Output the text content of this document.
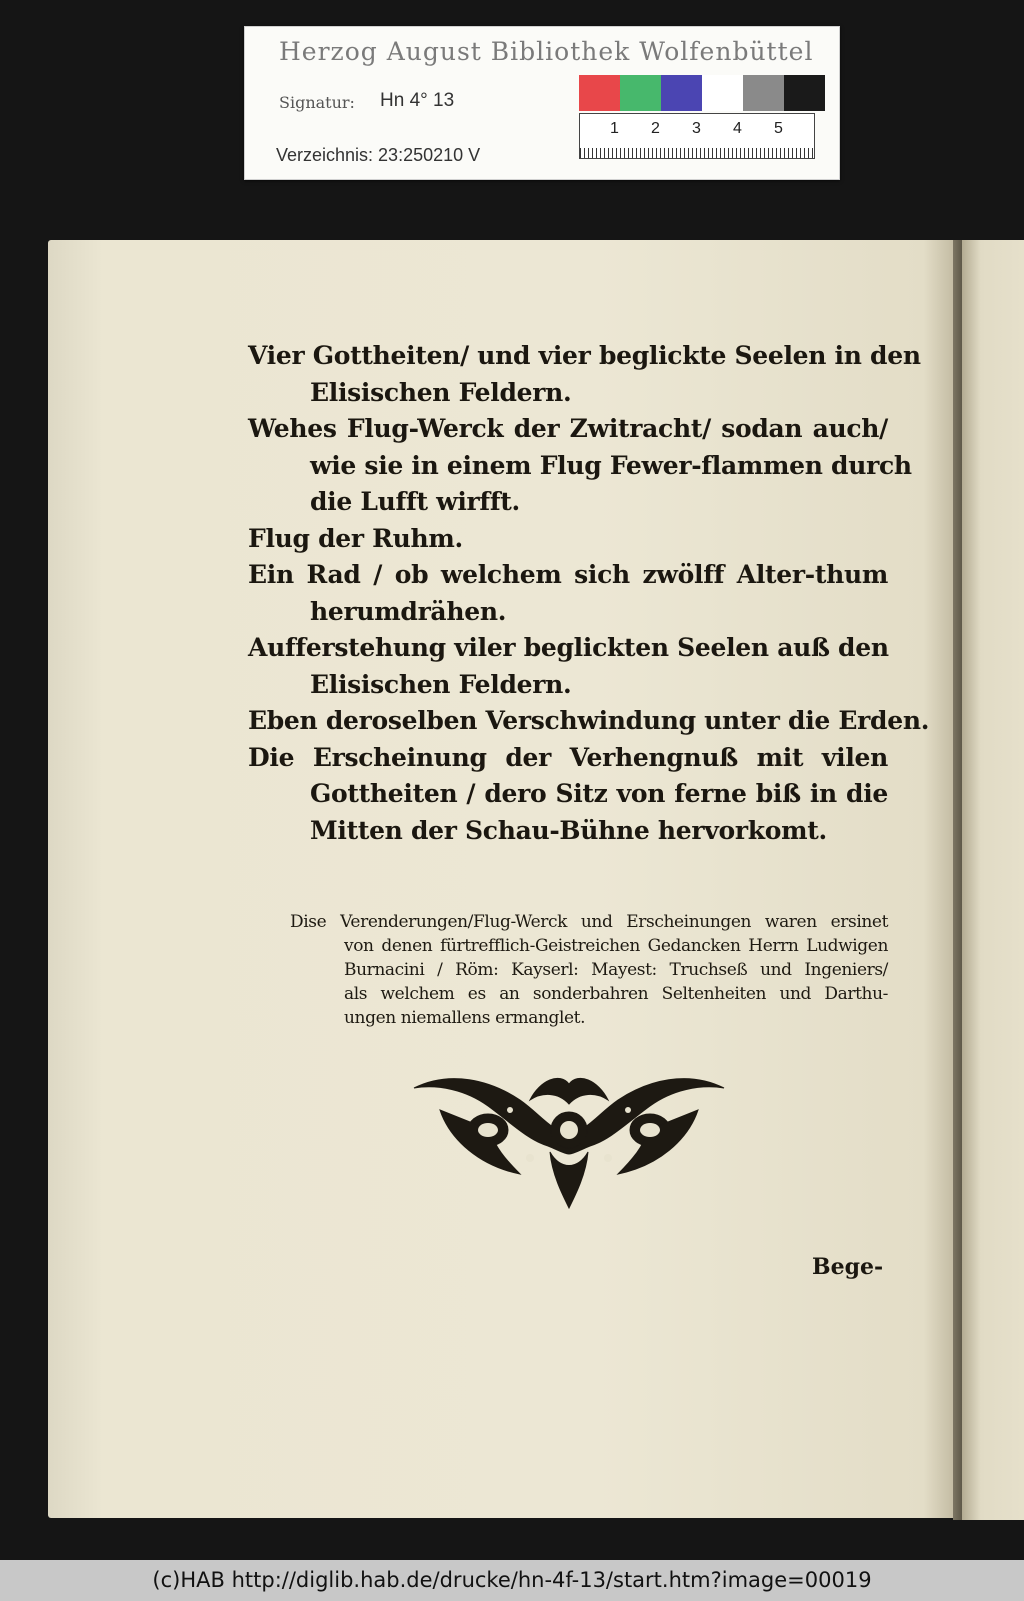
Herzog August Bibliothek Wolfenbüttel
Signatur: Hn 4° 13
Verzeichnis: 23:250210 V
1	2	3	4	5
Vier Gottheiten/ und vier beglickte Seelen in den
Elisischen Feldern.
Wehes Flug-Werck der Zwitracht/ sodan auch/
wie sie in einem Flug Fewer-flammen durch
die Lufft wirfft.
Flug der Ruhm.
Ein Rad / ob welchem sich zwölff Alter-thum
herumdrähen.
Aufferstehung viler beglickten Seelen auß den
Elisischen Feldern.
Eben deroselben Verschwindung unter die Erden.
Die Erscheinung der Verhengnuß mit vilen
Gottheiten / dero Sitz von ferne biß in die
Mitten der Schau-Bühne hervorkomt.
Dise Verenderungen/Flug-Werck und Erscheinungen waren ersinet
von denen fürtrefflich-Geistreichen Gedancken Herrn Ludwigen
Burnacini / Röm: Kayserl: Mayest: Truchseß und Ingeniers/
als welchem es an sonderbahren Seltenheiten und Darthu-
ungen niemallens ermanglet.
Bege-
(c)HAB http://diglib.hab.de/drucke/hn-4f-13/start.htm?image=00019
